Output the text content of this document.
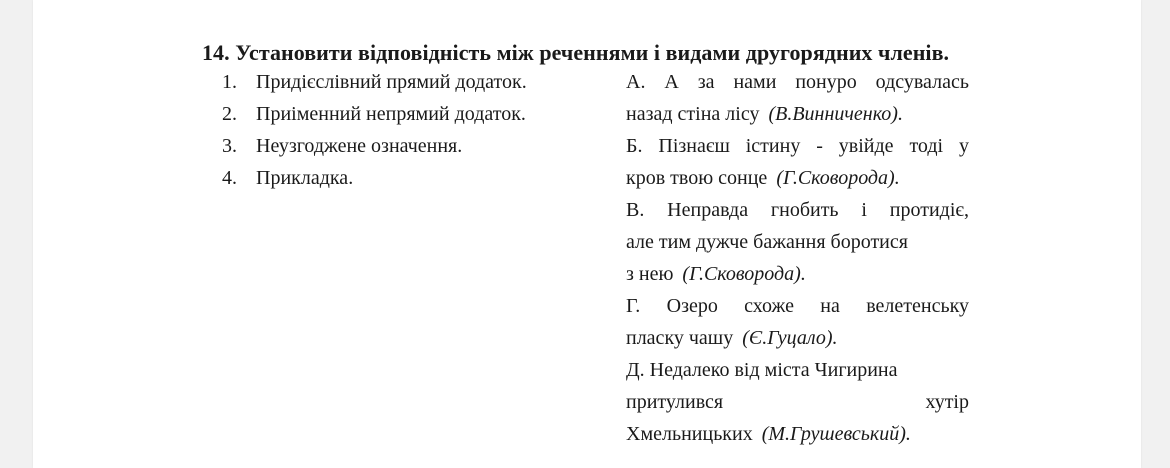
14. Установити відповідність між реченнями і видами другорядних членів.

1. Придієслівний прямий додаток.
2. Приіменний непрямий додаток.
3. Неузгоджене означення.
4. Прикладка.
А. А за нами понуро одсувалась
назад стіна лісу (В.Винниченко).
Б. Пізнаєш істину - увійде тоді у
кров твою сонце (Г.Сковорода).
В. Неправда гнобить і протидіє,
але тим дужче бажання боротися
з нею (Г.Сковорода).
Г. Озеро схоже на велетенську
пласку чашу (Є.Гуцало).
Д. Недалеко від міста Чигирина
притулився	хутір
Хмельницьких (М.Грушевський).
